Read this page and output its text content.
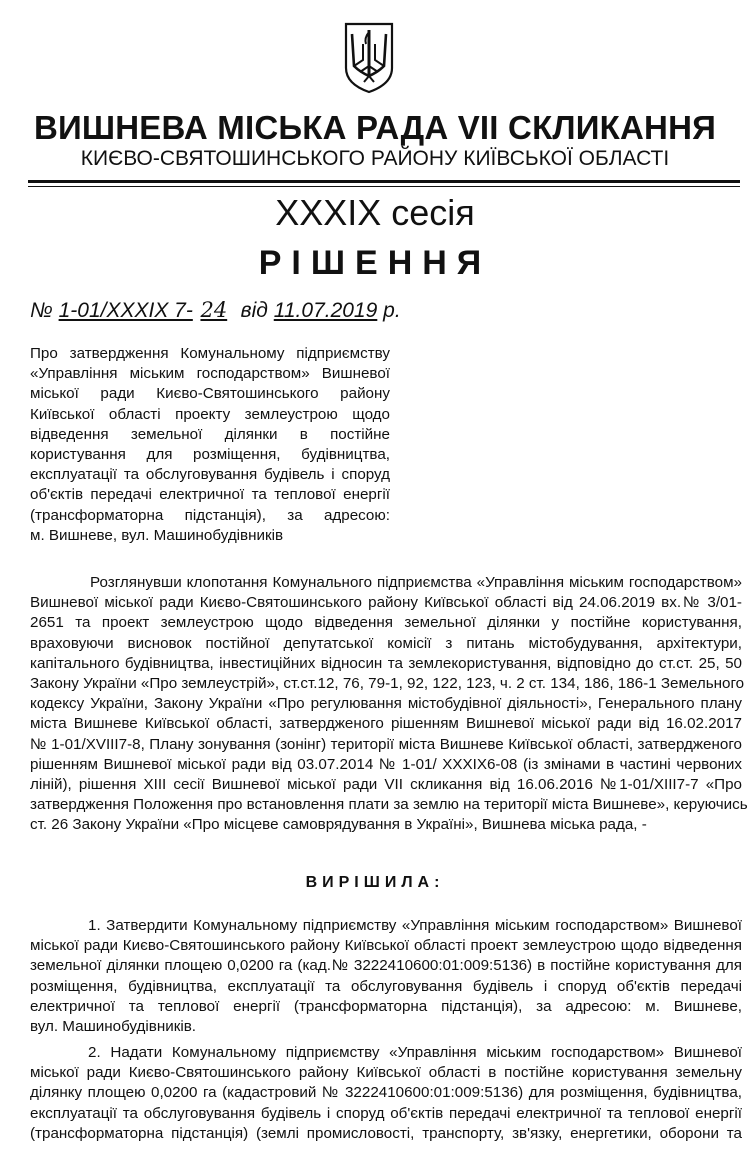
ВИШНЕВА МІСЬКА РАДА VII СКЛИКАННЯ
КИЄВО-СВЯТОШИНСЬКОГО РАЙОНУ КИЇВСЬКОЇ ОБЛАСТІ
XXXIX сесія
РІШЕННЯ
№ 1-01/XXXIX 7- 24 від 11.07.2019 р.
Про затвердження Комунальному підприємству
«Управління міським господарством» Вишневої
міської ради Києво-Святошинського району
Київської області проекту землеустрою щодо
відведення земельної ділянки в постійне
користування для розміщення, будівництва,
експлуатації та обслуговування будівель і споруд
об'єктів передачі електричної та теплової енергії
(трансформаторна підстанція), за адресою:
м. Вишневе, вул. Машинобудівників
Розглянувши клопотання Комунального підприємства «Управління міським господарством»
Вишневої міської ради Києво-Святошинського району Київської області від 24.06.2019 вх.№ 3/01-
2651 та проект землеустрою щодо відведення земельної ділянки у постійне користування,
враховуючи висновок постійної депутатської комісії з питань містобудування, архітектури,
капітального будівництва, інвестиційних відносин та землекористування, відповідно до ст.ст. 25, 50
Закону України «Про землеустрій», ст.ст.12, 76, 79-1, 92, 122, 123, ч. 2 ст. 134, 186, 186-1 Земельного
кодексу України, Закону України «Про регулювання містобудівної діяльності», Генерального плану
міста Вишневе Київської області, затвердженого рішенням Вишневої міської ради від 16.02.2017
№ 1-01/XVIII7-8, Плану зонування (зонінг) території міста Вишневе Київської області, затвердженого
рішенням Вишневої міської ради від 03.07.2014 № 1-01/ XXXIX6-08 (із змінами в частині червоних
ліній), рішення XIII сесії Вишневої міської ради VII скликання від 16.06.2016 №1-01/XIII7-7 «Про
затвердження Положення про встановлення плати за землю на території міста Вишневе», керуючись
ст. 26 Закону України «Про місцеве самоврядування в Україні», Вишнева міська рада, -
ВИРІШИЛА:
1. Затвердити Комунальному підприємству «Управління міським господарством» Вишневої
міської ради Києво-Святошинського району Київської області проект землеустрою щодо відведення
земельної ділянки площею 0,0200 га (кад.№ 3222410600:01:009:5136) в постійне користування для
розміщення, будівництва, експлуатації та обслуговування будівель і споруд об'єктів передачі
електричної та теплової енергії (трансформаторна підстанція), за адресою: м. Вишневе,
вул. Машинобудівників.
2. Надати Комунальному підприємству «Управління міським господарством» Вишневої
міської ради Києво-Святошинського району Київської області в постійне користування земельну
ділянку площею 0,0200 га (кадастровий № 3222410600:01:009:5136) для розміщення, будівництва,
експлуатації та обслуговування будівель і споруд об'єктів передачі електричної та теплової енергії
(трансформаторна підстанція) (землі промисловості, транспорту, зв'язку, енергетики, оборони та
